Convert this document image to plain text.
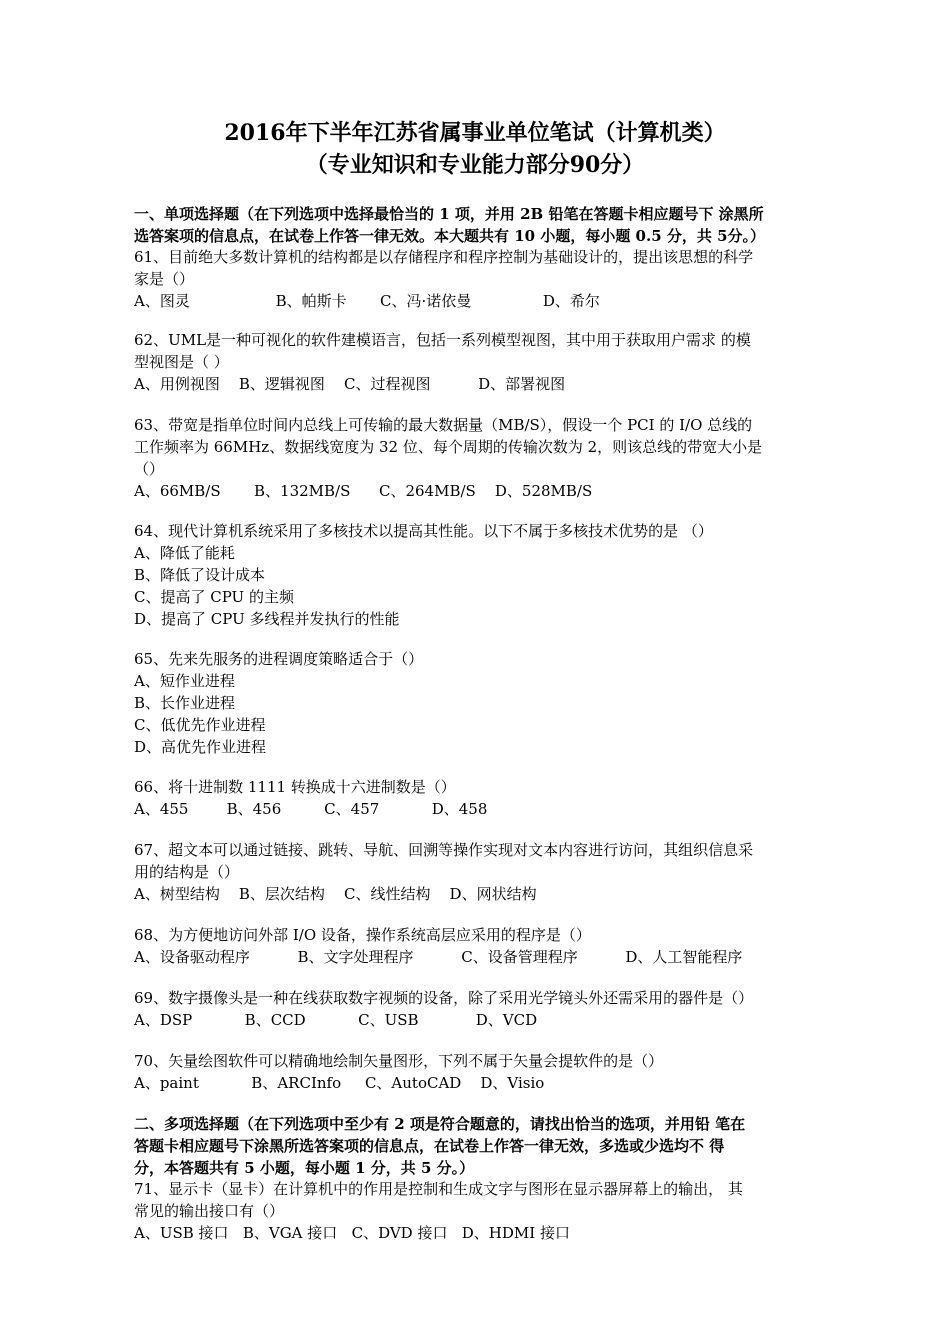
2016年下半年江苏省属事业单位笔试（计算机类）
（专业知识和专业能力部分90分）
一、单项选择题（在下列选项中选择最恰当的 1 项，并用 2B 铅笔在答题卡相应题号下 涂黑所
选答案项的信息点，在试卷上作答一律无效。本大题共有 10 小题，每小题 0.5 分，共 5分。）
61、目前绝大多数计算机的结构都是以存储程序和程序控制为基础设计的，提出该思想的科学
家是（）
A、图灵                  B、帕斯卡       C、冯·诺依曼               D、希尔
62、UML是一种可视化的软件建模语言，包括一系列模型视图，其中用于获取用户需求 的模
型视图是（ ）
A、用例视图    B、逻辑视图    C、过程视图          D、部署视图
63、带宽是指单位时间内总线上可传输的最大数据量（MB/S），假设一个 PCI 的 I/O 总线的
工作频率为 66MHz、数据线宽度为 32 位、每个周期的传输次数为 2，则该总线的带宽大小是
（）
A、66MB/S       B、132MB/S      C、264MB/S    D、528MB/S
64、现代计算机系统采用了多核技术以提高其性能。以下不属于多核技术优势的是 （）
A、降低了能耗
B、降低了设计成本
C、提高了 CPU 的主频
D、提高了 CPU 多线程并发执行的性能
65、先来先服务的进程调度策略适合于（）
A、短作业进程
B、长作业进程
C、低优先作业进程
D、高优先作业进程
66、将十进制数 1111 转换成十六进制数是（）
A、455        B、456         C、457           D、458
67、超文本可以通过链接、跳转、导航、回溯等操作实现对文本内容进行访问，其组织信息采
用的结构是（）
A、树型结构    B、层次结构    C、线性结构    D、网状结构
68、为方便地访问外部 I/O 设备，操作系统高层应采用的程序是（）
A、设备驱动程序          B、文字处理程序          C、设备管理程序          D、人工智能程序
69、数字摄像头是一种在线获取数字视频的设备，除了采用光学镜头外还需采用的器件是（）
A、DSP           B、CCD           C、USB            D、VCD
70、矢量绘图软件可以精确地绘制矢量图形，下列不属于矢量会提软件的是（）
A、paint           B、ARCInfo     C、AutoCAD    D、Visio
二、多项选择题（在下列选项中至少有 2 项是符合题意的，请找出恰当的选项，并用铅 笔在
答题卡相应题号下涂黑所选答案项的信息点，在试卷上作答一律无效，多选或少选均不 得
分，本答题共有 5 小题，每小题 1 分，共 5 分。）
71、显示卡（显卡）在计算机中的作用是控制和生成文字与图形在显示器屏幕上的输出， 其
常见的输出接口有（）
A、USB 接口   B、VGA 接口   C、DVD 接口   D、HDMI 接口
